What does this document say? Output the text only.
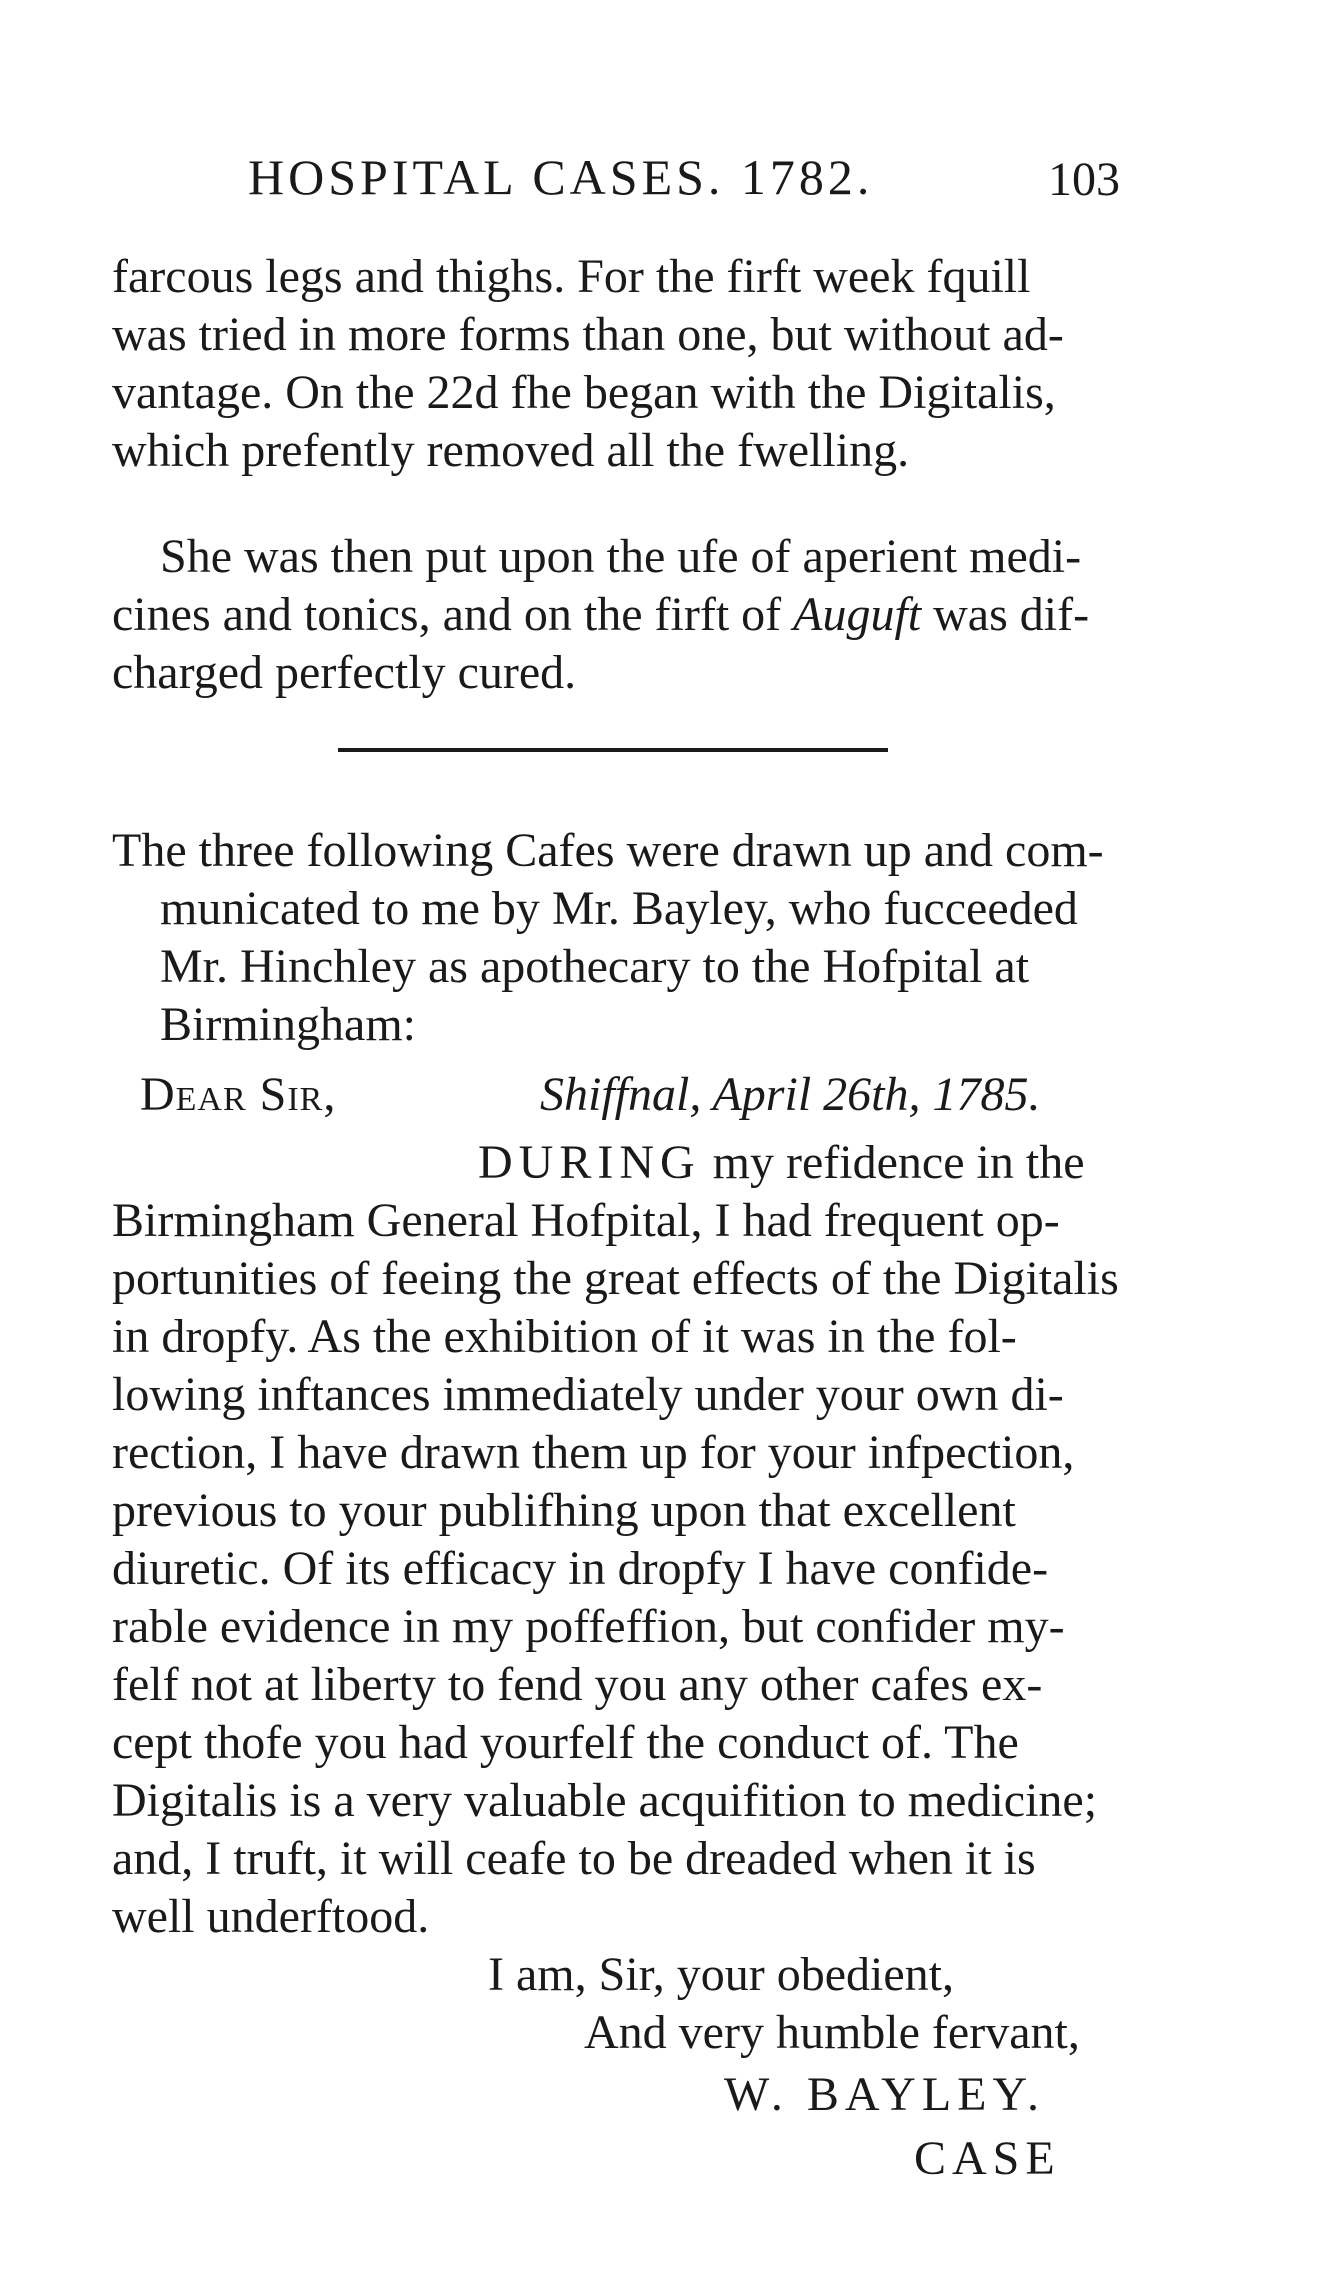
HOSPITAL CASES. 1782.	103
farcous legs and thighs. For the firft week fquill
was tried in more forms than one, but without ad-
vantage. On the 22d fhe began with the Digitalis,
which prefently removed all the fwelling.
She was then put upon the ufe of aperient medi-
cines and tonics, and on the firft of Auguft was dif-
charged perfectly cured.
The three following Cafes were drawn up and com-
municated to me by Mr. Bayley, who fucceeded
Mr. Hinchley as apothecary to the Hofpital at
Birmingham:
Dear Sir,	Shiffnal, April 26th, 1785.
DURING my refidence in the
Birmingham General Hofpital, I had frequent op-
portunities of feeing the great effects of the Digitalis
in dropfy. As the exhibition of it was in the fol-
lowing inftances immediately under your own di-
rection, I have drawn them up for your infpection,
previous to your publifhing upon that excellent
diuretic. Of its efficacy in dropfy I have confide-
rable evidence in my poffeffion, but confider my-
felf not at liberty to fend you any other cafes ex-
cept thofe you had yourfelf the conduct of. The
Digitalis is a very valuable acquifition to medicine;
and, I truft, it will ceafe to be dreaded when it is
well underftood.
I am, Sir, your obedient,
And very humble fervant,
W. BAYLEY.
CASE
